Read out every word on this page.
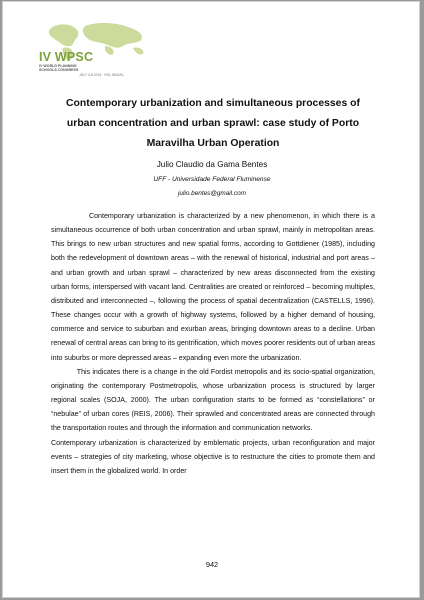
IV WPSC
IV WORLD PLANNING
SCHOOLS CONGRESS
JULY 4-8 2016 · RIO, BRAZIL
Contemporary urbanization and simultaneous processes of urban concentration and urban sprawl: case study of Porto Maravilha Urban Operation
Julio Claudio da Gama Bentes
UFF - Universidade Federal Fluminense
julio.bentes@gmail.com

Contemporary urbanization is characterized by a new phenomenon, in which there is a simultaneous occurrence of both urban concentration and urban sprawl, mainly in metropolitan areas. This brings to new urban structures and new spatial forms, according to Gottdiener (1985), including both the redevelopment of downtown areas – with the renewal of historical, industrial and port areas – and urban growth and urban sprawl – characterized by new areas disconnected from the existing urban forms, interspersed with vacant land. Centralities are created or reinforced – becoming multiples, distributed and interconnected –, following the process of spatial decentralization (CASTELLS, 1996). These changes occur with a growth of highway systems, followed by a higher demand of housing, commerce and service to suburban and exurban areas, bringing downtown areas to a decline. Urban renewal of central areas can bring to its gentrification, which moves poorer residents out of urban areas into suburbs or more depressed areas – expanding even more the urbanization.

This indicates there is a change in the old Fordist metropolis and its socio-spatial organization, originating the contemporary Postmetropolis, whose urbanization process is structured by larger regional scales (SOJA, 2000). The urban configuration starts to be formed as “constellations” or “nebulae” of urban cores (REIS, 2006). Their sprawled and concentrated areas are connected through the transportation routes and through the information and communication networks.

Contemporary urbanization is characterized by emblematic projects, urban reconfiguration and major events – strategies of city marketing, whose objective is to restructure the cities to promote them and insert them in the globalized world. In order

942
